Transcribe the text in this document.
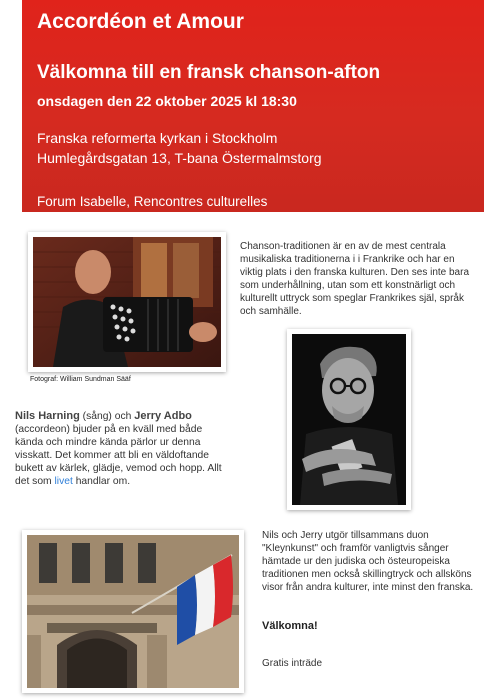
Accordéon et Amour
Välkomna till en fransk chanson-afton
onsdagen den 22 oktober 2025 kl 18:30
Franska reformerta kyrkan i Stockholm
Humlegårdsgatan 13, T-bana Östermalmstorg
Forum Isabelle, Rencontres culturelles
Fotograf: William Sundman Sääf
Chanson-traditionen är en av de mest centrala musikaliska traditionerna i i Frankrike och har en viktig plats i den franska kulturen. Den ses inte bara som underhållning, utan som ett konstnärligt och kulturellt uttryck som speglar Frankrikes själ, språk och samhälle.
Nils Harning (sång) och Jerry Adbo (accordeon) bjuder på en kväll med både kända och mindre kända pärlor ur denna visskatt. Det kommer att bli en väldoftande bukett av kärlek, glädje, vemod och hopp. Allt det som livet handlar om.
Nils och Jerry utgör tillsammans duon "Kleynkunst" och framför vanligtvis sånger hämtade ur den judiska och östeuropeiska traditionen men också skillingtryck och allsköns visor från andra kulturer, inte minst den franska.
Välkomna!
Gratis inträde
